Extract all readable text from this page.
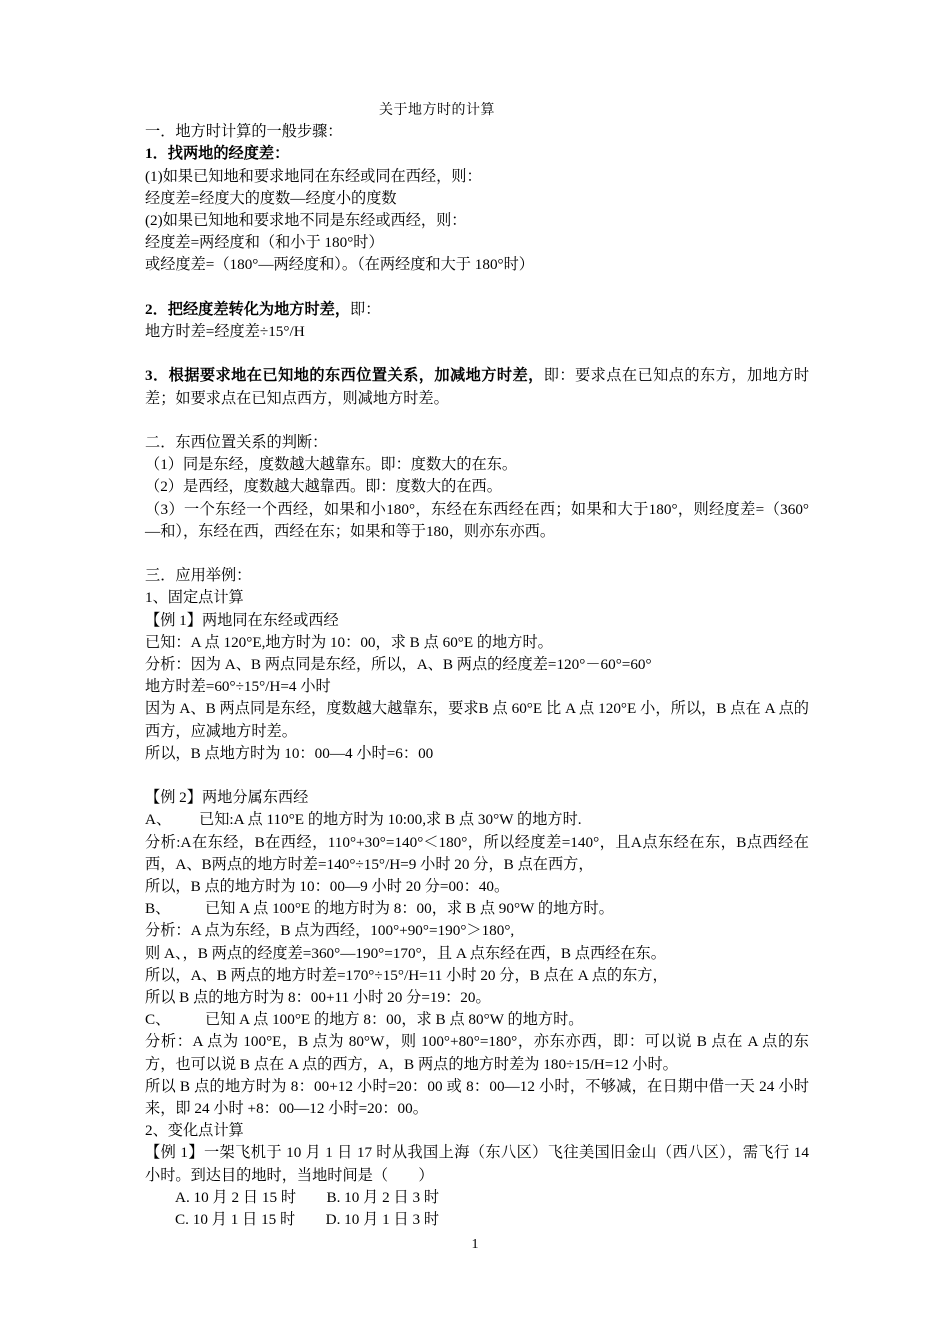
关于地方时的计算
一．地方时计算的一般步骤：
1．找两地的经度差：
(1)如果已知地和要求地同在东经或同在西经，则：
经度差=经度大的度数—经度小的度数
(2)如果已知地和要求地不同是东经或西经，则：
经度差=两经度和（和小于 180°时）
或经度差=（180°—两经度和）。（在两经度和大于 180°时）
2．把经度差转化为地方时差，即：
地方时差=经度差÷15°/H
3．根据要求地在已知地的东西位置关系，加减地方时差，即：要求点在已知点的东方，加地方时差；如要求点在已知点西方，则减地方时差。
二．东西位置关系的判断：
（1）同是东经，度数越大越靠东。即：度数大的在东。
（2）是西经，度数越大越靠西。即：度数大的在西。
（3）一个东经一个西经，如果和小180°，东经在东西经在西；如果和大于180°，则经度差=（360°—和），东经在西，西经在东；如果和等于180，则亦东亦西。
三．应用举例：
1、固定点计算
【例 1】两地同在东经或西经
已知：A 点 120°E,地方时为 10：00，求 B 点 60°E 的地方时。
分析：因为 A、B 两点同是东经，所以，A、B 两点的经度差=120°－60°=60°
地方时差=60°÷15°/H=4 小时
因为 A、B 两点同是东经，度数越大越靠东，要求B 点 60°E 比 A 点 120°E 小，所以，B 点在 A 点的西方，应减地方时差。
所以，B 点地方时为 10：00—4 小时=6：00
【例 2】两地分属东西经
A、 已知:A 点 110°E 的地方时为 10:00,求 B 点 30°W 的地方时.
分析:A在东经，B在西经，110°+30°=140°＜180°，所以经度差=140°，且A点东经在东，B点西经在西，A、B两点的地方时差=140°÷15°/H=9 小时 20 分，B 点在西方，
所以，B 点的地方时为 10：00—9 小时 20 分=00：40。
B、 已知 A 点 100°E 的地方时为 8：00，求 B 点 90°W 的地方时。
分析：A 点为东经，B 点为西经，100°+90°=190°＞180°,
则 A、，B 两点的经度差=360°—190°=170°，且 A 点东经在西，B 点西经在东。
所以，A、B 两点的地方时差=170°÷15°/H=11 小时 20 分，B 点在 A 点的东方，
所以 B 点的地方时为 8：00+11 小时 20 分=19：20。
C、 已知 A 点 100°E 的地方 8：00，求 B 点 80°W 的地方时。
分析：A 点为 100°E，B 点为 80°W，则 100°+80°=180°，亦东亦西，即：可以说 B 点在 A 点的东方，也可以说 B 点在 A 点的西方，A，B 两点的地方时差为 180÷15/H=12 小时。
所以 B 点的地方时为 8：00+12 小时=20：00 或 8：00—12 小时，不够减，在日期中借一天 24 小时来，即 24 小时 +8：00—12 小时=20：00。
2、变化点计算
【例 1】一架飞机于 10 月 1 日 17 时从我国上海（东八区）飞往美国旧金山（西八区），需飞行 14 小时。到达目的地时，当地时间是（　　）
A. 10 月 2 日 15 时　　B. 10 月 2 日 3 时
C. 10 月 1 日 15 时　　D. 10 月 1 日 3 时
1
